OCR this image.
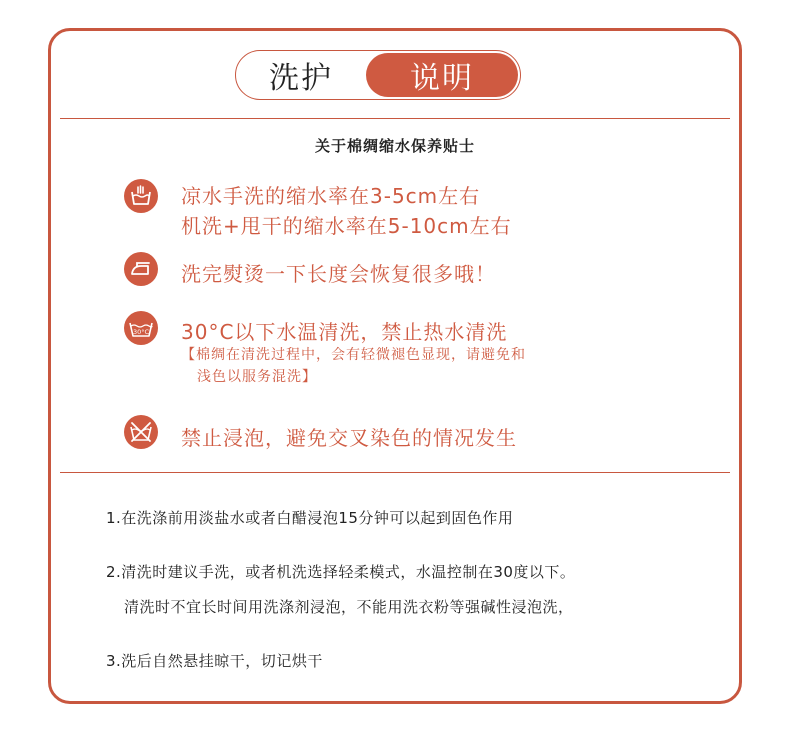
洗护	说明
关于棉绸缩水保养贴士
凉水手洗的缩水率在3-5cm左右
机洗+甩干的缩水率在5-10cm左右
洗完熨烫一下长度会恢复很多哦！
30°C 30°C以下水温清洗，禁止热水清洗
【棉绸在清洗过程中，会有轻微褪色显现，请避免和
浅色以服务混洗】
禁止浸泡，避免交叉染色的情况发生
1.在洗涤前用淡盐水或者白醋浸泡15分钟可以起到固色作用
2.清洗时建议手洗，或者机洗选择轻柔模式，水温控制在30度以下。
清洗时不宜长时间用洗涤剂浸泡，不能用洗衣粉等强碱性浸泡洗，
3.洗后自然悬挂晾干，切记烘干
